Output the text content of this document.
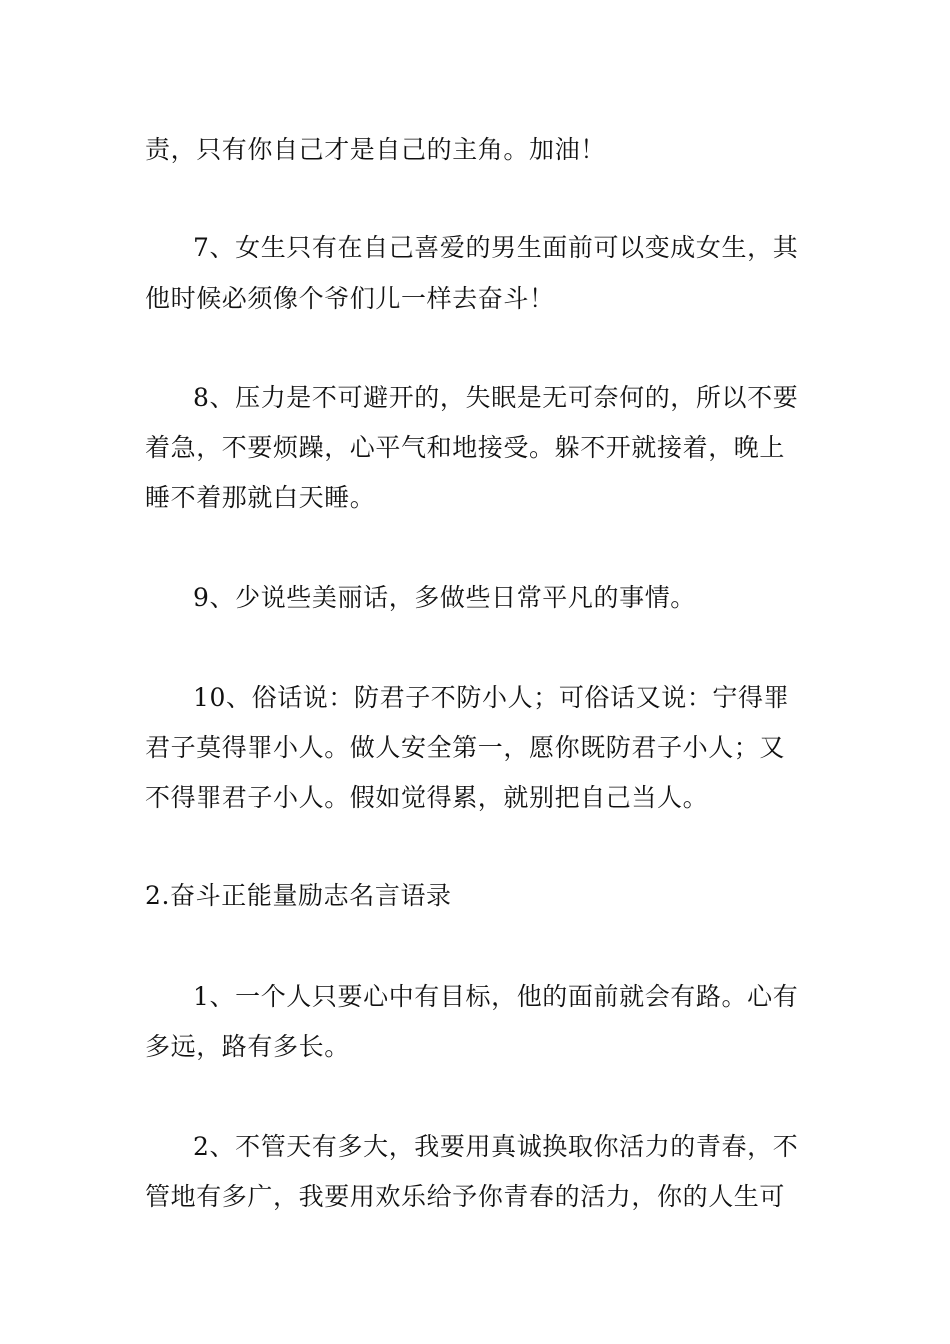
责，只有你自己才是自己的主角。加油！
7、女生只有在自己喜爱的男生面前可以变成女生，其
他时候必须像个爷们儿一样去奋斗！
8、压力是不可避开的，失眠是无可奈何的，所以不要
着急，不要烦躁，心平气和地接受。躲不开就接着，晚上
睡不着那就白天睡。
9、少说些美丽话，多做些日常平凡的事情。
10、俗话说：防君子不防小人；可俗话又说：宁得罪
君子莫得罪小人。做人安全第一，愿你既防君子小人；又
不得罪君子小人。假如觉得累，就别把自己当人。
2.奋斗正能量励志名言语录
1、一个人只要心中有目标，他的面前就会有路。心有
多远，路有多长。
2、不管天有多大，我要用真诚换取你活力的青春，不
管地有多广，我要用欢乐给予你青春的活力，你的人生可
